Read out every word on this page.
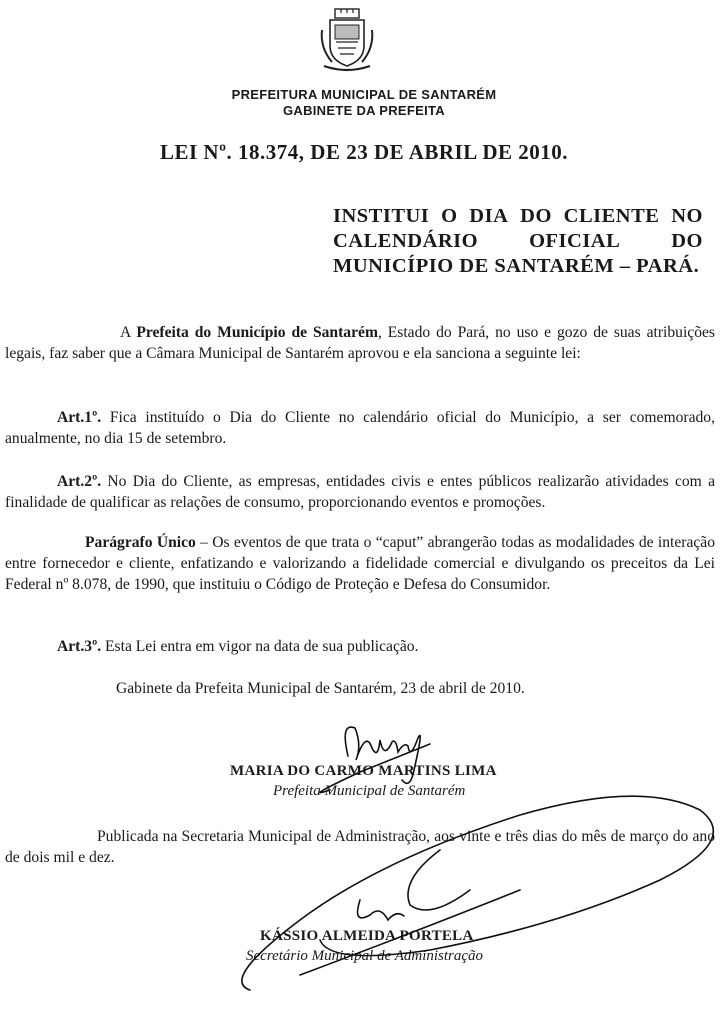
PREFEITURA MUNICIPAL DE SANTARÉM
GABINETE DA PREFEITA
LEI Nº. 18.374, DE 23 DE ABRIL DE 2010.
INSTITUI O DIA DO CLIENTE NO
CALENDÁRIO OFICIAL DO
MUNICÍPIO DE SANTARÉM – PARÁ.
A Prefeita do Município de Santarém, Estado do Pará, no uso e gozo de suas atribuições legais, faz saber que a Câmara Municipal de Santarém aprovou e ela sanciona a seguinte lei:
Art.1º. Fica instituído o Dia do Cliente no calendário oficial do Município, a ser comemorado, anualmente, no dia 15 de setembro.
Art.2º. No Dia do Cliente, as empresas, entidades civis e entes públicos realizarão atividades com a finalidade de qualificar as relações de consumo, proporcionando eventos e promoções.
Parágrafo Único – Os eventos de que trata o “caput” abrangerão todas as modalidades de interação entre fornecedor e cliente, enfatizando e valorizando a fidelidade comercial e divulgando os preceitos da Lei Federal nº 8.078, de 1990, que instituiu o Código de Proteção e Defesa do Consumidor.
Art.3º. Esta Lei entra em vigor na data de sua publicação.
Gabinete da Prefeita Municipal de Santarém, 23 de abril de 2010.
MARIA DO CARMO MARTINS LIMA
Prefeita Municipal de Santarém
Publicada na Secretaria Municipal de Administração, aos vinte e três dias do mês de março do ano de dois mil e dez.
KÁSSIO ALMEIDA PORTELA
Secretário Municipal de Administração
